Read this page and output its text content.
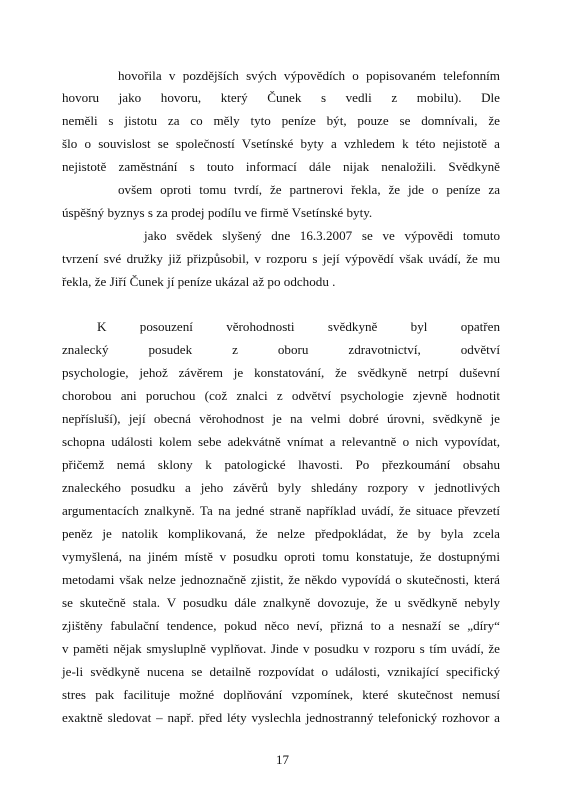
hovořila v pozdějších svých výpovědích o popisovaném telefonním
hovoru jako hovoru, který Čunek s vedli z mobilu). Dle
neměli s jistotu za co měly tyto peníze být, pouze se domnívali, že
šlo o souvislost se společností Vsetínské byty a vzhledem k této nejistotě a
nejistotě zaměstnání s touto informací dále nijak nenaložili. Svědkyně
ovšem oproti tomu tvrdí, že partnerovi řekla, že jde o peníze za
úspěšný byznys s za prodej podílu ve firmě Vsetínské byty.
jako svědek slyšený dne 16.3.2007 se ve výpovědi tomuto
tvrzení své družky již přizpůsobil, v rozporu s její výpovědí však uvádí, že mu
řekla, že Jiří Čunek jí peníze ukázal až po odchodu .
K posouzení věrohodnosti svědkyně byl opatřen
znalecký posudek z oboru zdravotnictví, odvětví
psychologie, jehož závěrem je konstatování, že svědkyně netrpí duševní
chorobou ani poruchou (což znalci z odvětví psychologie zjevně hodnotit
nepřísluší), její obecná věrohodnost je na velmi dobré úrovni, svědkyně je
schopna události kolem sebe adekvátně vnímat a relevantně o nich vypovídat,
přičemž nemá sklony k patologické lhavosti. Po přezkoumání obsahu
znaleckého posudku a jeho závěrů byly shledány rozpory v jednotlivých
argumentacích znalkyně. Ta na jedné straně například uvádí, že situace převzetí
peněz je natolik komplikovaná, že nelze předpokládat, že by byla zcela
vymyšlená, na jiném místě v posudku oproti tomu konstatuje, že dostupnými
metodami však nelze jednoznačně zjistit, že někdo vypovídá o skutečnosti, která
se skutečně stala. V posudku dále znalkyně dovozuje, že u svědkyně nebyly
zjištěny fabulační tendence, pokud něco neví, přizná to a nesnaží se „díry“
v paměti nějak smysluplně vyplňovat. Jinde v posudku v rozporu s tím uvádí, že
je-li svědkyně nucena se detailně rozpovídat o události, vznikající specifický
stres pak facilituje možné doplňování vzpomínek, které skutečnost nemusí
exaktně sledovat – např. před léty vyslechla jednostranný telefonický rozhovor a
17
